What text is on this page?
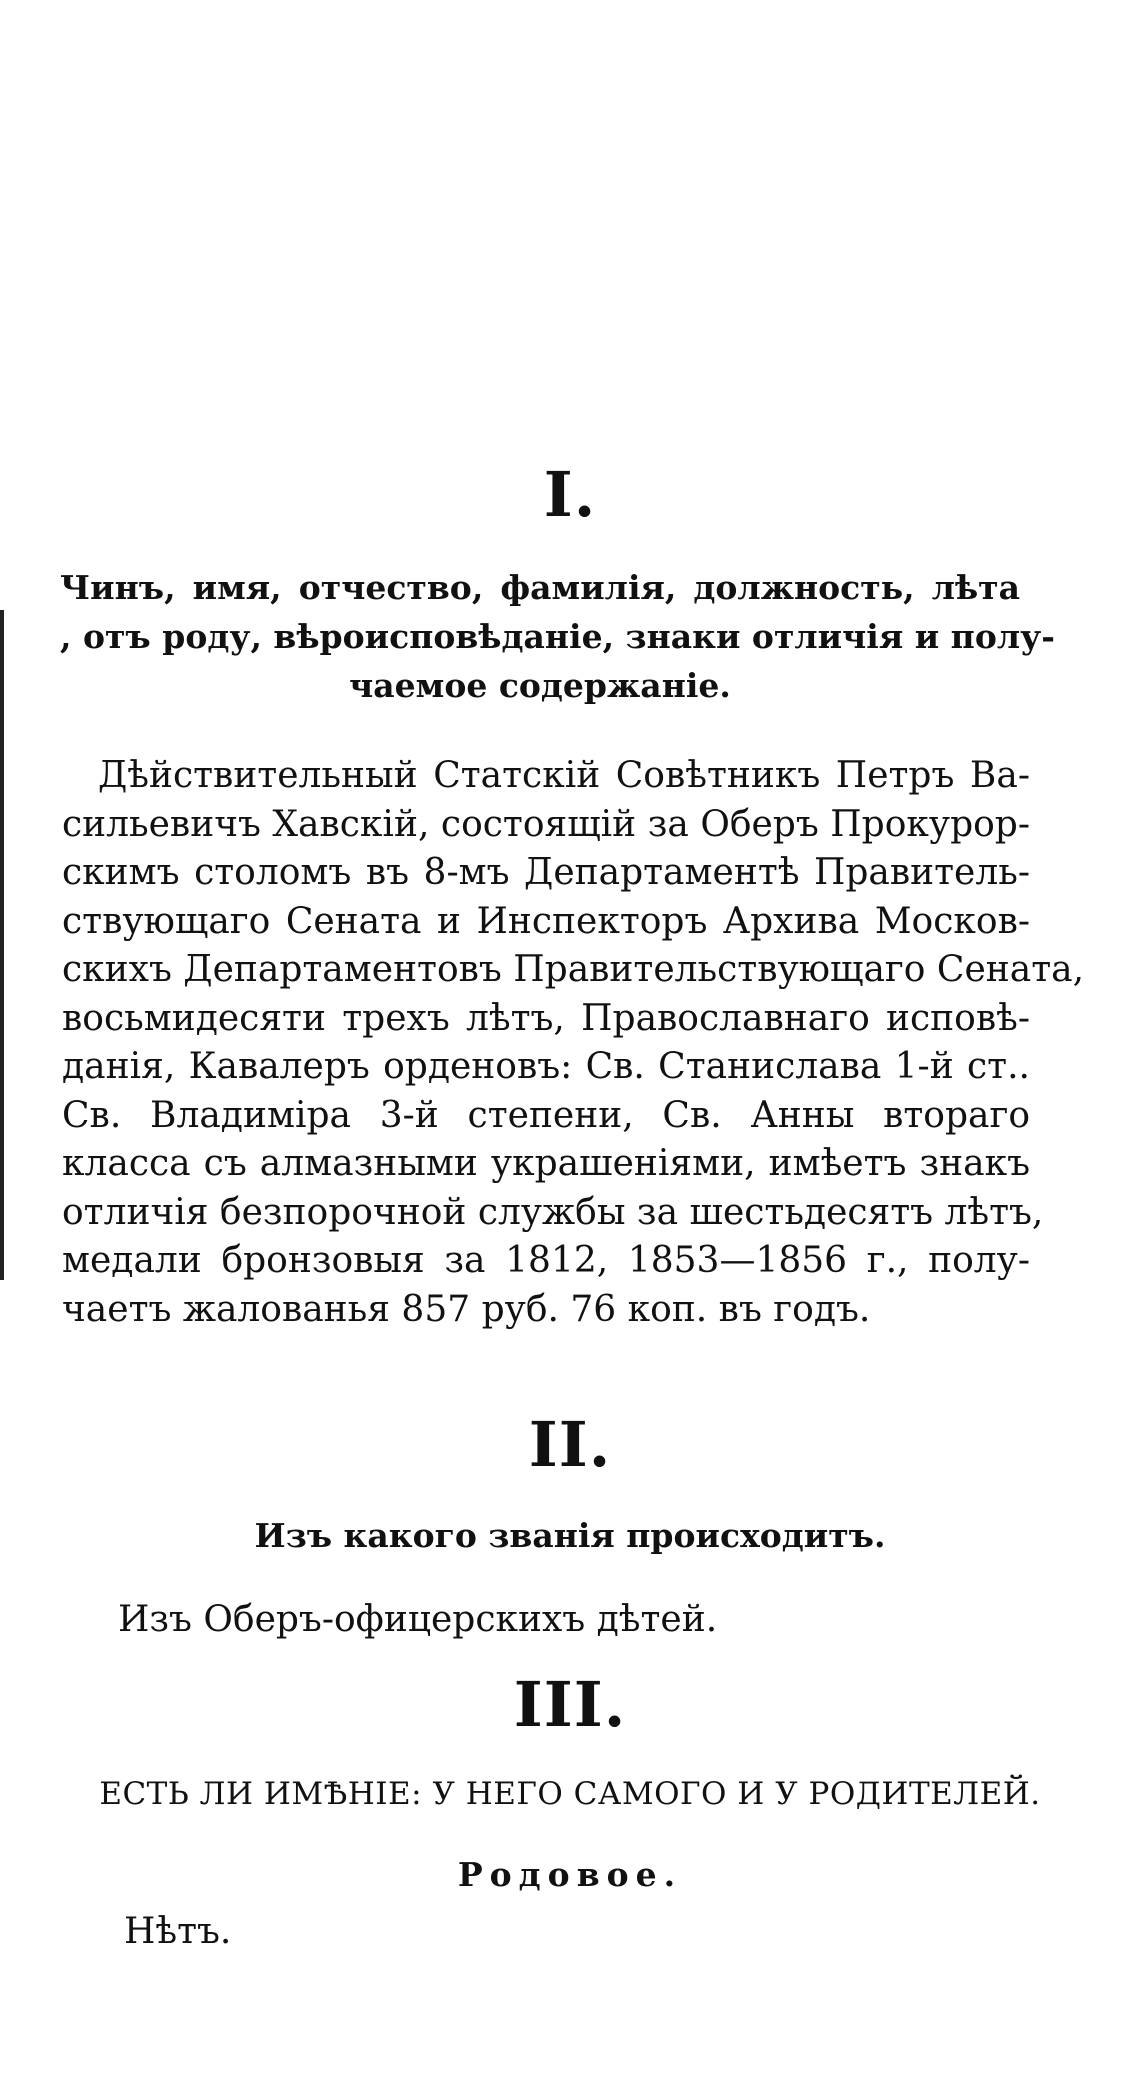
I.
Чинъ, имя, отчество, фамилія, должность, лѣта
, отъ роду, вѣроисповѣданіе, знаки отличія и полу-
чаемое содержаніе.
Дѣйствительный Статскій Совѣтникъ Петръ Ва-
сильевичъ Хавскій, состоящій за Оберъ Прокурор-
скимъ столомъ въ 8-мъ Департаментѣ Правитель-
ствующаго Сената и Инспекторъ Архива Москов-
скихъ Департаментовъ Правительствующаго Сената,
восьмидесяти трехъ лѣтъ, Православнаго исповѣ-
данія, Кавалеръ орденовъ: Св. Станислава 1-й ст..
Св. Владиміра 3-й степени, Св. Анны втораго
класса съ алмазными украшеніями, имѣетъ знакъ
отличія безпорочной службы за шестьдесятъ лѣтъ,
медали бронзовыя за 1812, 1853—1856 г., полу-
чаетъ жалованья 857 руб. 76 коп. въ годъ.
II.
Изъ какого званія происходитъ.
Изъ Оберъ-офицерскихъ дѣтей.
III.
ЕСТЬ ЛИ ИМѢНІЕ: У НЕГО САМОГО И У РОДИТЕЛЕЙ.
Родовое.
Нѣтъ.
